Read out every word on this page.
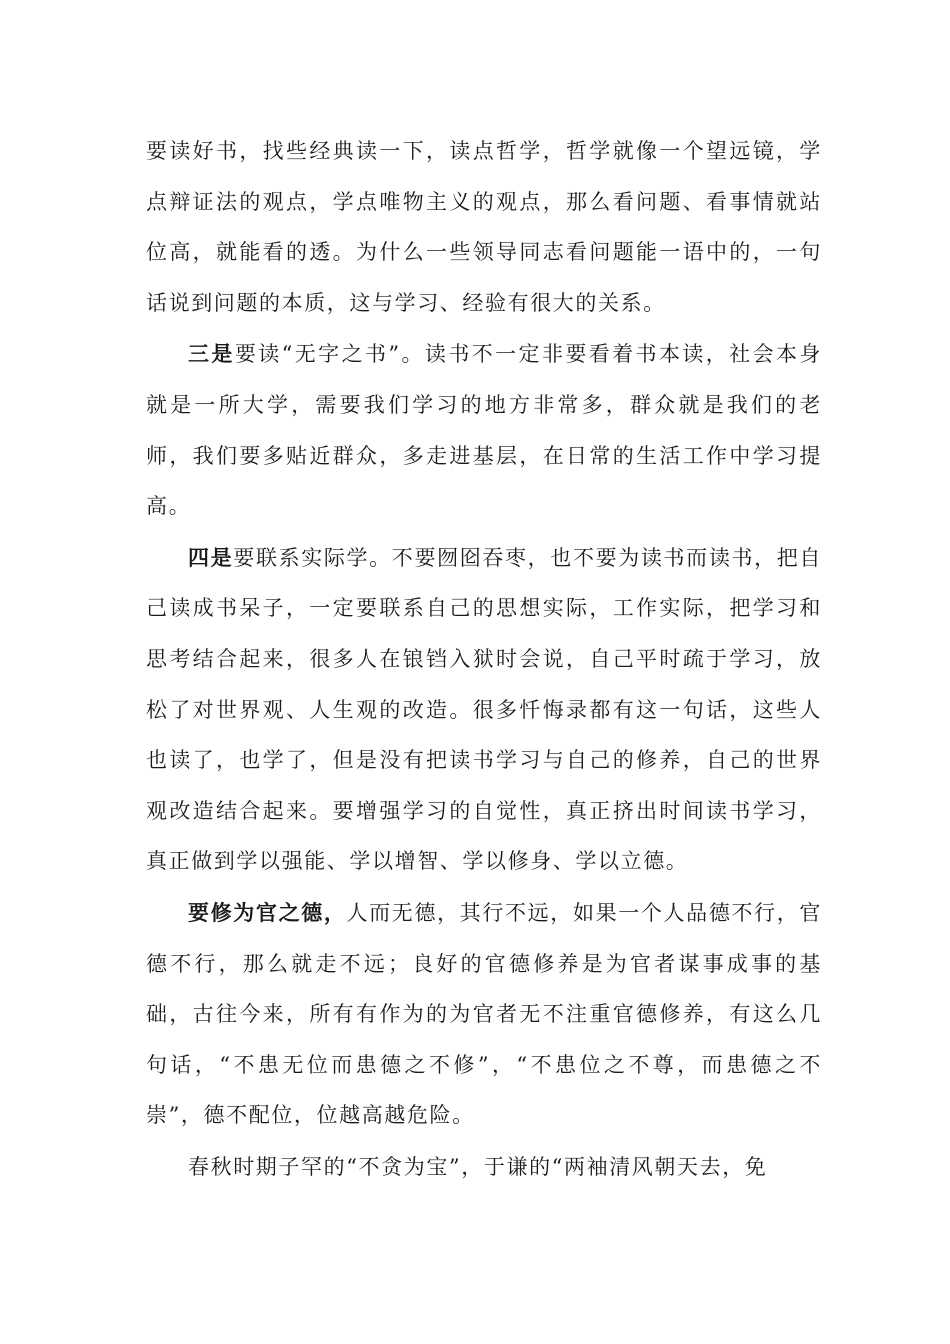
要读好书，找些经典读一下，读点哲学，哲学就像一个望远镜，学点辩证法的观点，学点唯物主义的观点，那么看问题、看事情就站位高，就能看的透。为什么一些领导同志看问题能一语中的，一句话说到问题的本质，这与学习、经验有很大的关系。

三是要读“无字之书”。读书不一定非要看着书本读，社会本身就是一所大学，需要我们学习的地方非常多，群众就是我们的老师，我们要多贴近群众，多走进基层，在日常的生活工作中学习提高。

四是要联系实际学。不要囫囵吞枣，也不要为读书而读书，把自己读成书呆子，一定要联系自己的思想实际，工作实际，把学习和思考结合起来，很多人在锒铛入狱时会说，自己平时疏于学习，放松了对世界观、人生观的改造。很多忏悔录都有这一句话，这些人也读了，也学了，但是没有把读书学习与自己的修养，自己的世界观改造结合起来。要增强学习的自觉性，真正挤出时间读书学习，真正做到学以强能、学以增智、学以修身、学以立德。

要修为官之德，人而无德，其行不远，如果一个人品德不行，官德不行，那么就走不远；良好的官德修养是为官者谋事成事的基础，古往今来，所有有作为的为官者无不注重官德修养，有这么几句话，“不患无位而患德之不修”，“不患位之不尊，而患德之不崇”，德不配位，位越高越危险。

春秋时期子罕的“不贪为宝”，于谦的“两袖清风朝天去，免
